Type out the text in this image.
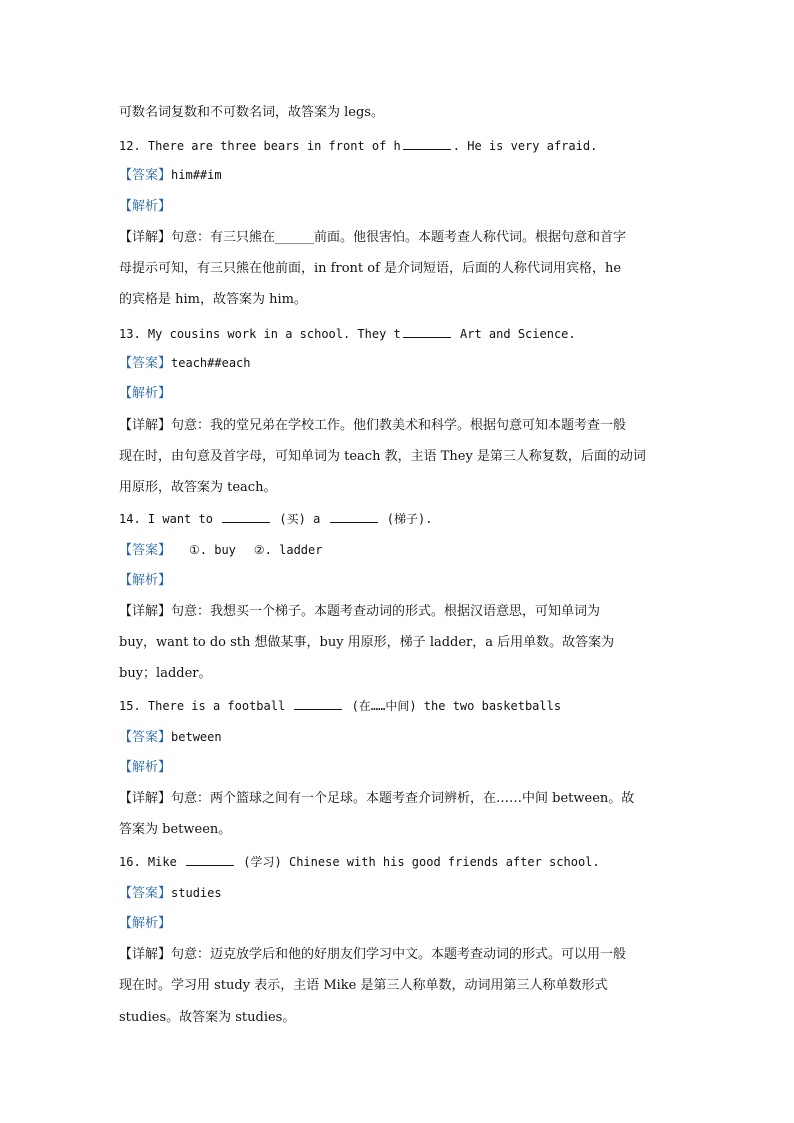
可数名词复数和不可数名词，故答案为 legs。
12. There are three bears in front of h	. He is very afraid.
【答案】him##im
【解析】
【详解】句意：有三只熊在______前面。他很害怕。本题考查人称代词。根据句意和首字
母提示可知，有三只熊在他前面，in front of 是介词短语，后面的人称代词用宾格，he
的宾格是 him，故答案为 him。
13. My cousins work in a school. They t	Art and Science.
【答案】teach##each
【解析】
【详解】句意：我的堂兄弟在学校工作。他们教美术和科学。根据句意可知本题考查一般
现在时，由句意及首字母，可知单词为 teach 教，主语 They 是第三人称复数，后面的动词
用原形，故答案为 teach。
14. I want to	(买) a	(梯子).
【答案】 ①. buy ②. ladder
【解析】
【详解】句意：我想买一个梯子。本题考查动词的形式。根据汉语意思，可知单词为
buy，want to do sth 想做某事，buy 用原形，梯子 ladder，a 后用单数。故答案为
buy；ladder。
15. There is a football	(在……中间) the two basketballs
【答案】between
【解析】
【详解】句意：两个篮球之间有一个足球。本题考查介词辨析，在……中间 between。故
答案为 between。
16. Mike	(学习) Chinese with his good friends after school.
【答案】studies
【解析】
【详解】句意：迈克放学后和他的好朋友们学习中文。本题考查动词的形式。可以用一般
现在时。学习用 study 表示，主语 Mike 是第三人称单数，动词用第三人称单数形式
studies。故答案为 studies。
